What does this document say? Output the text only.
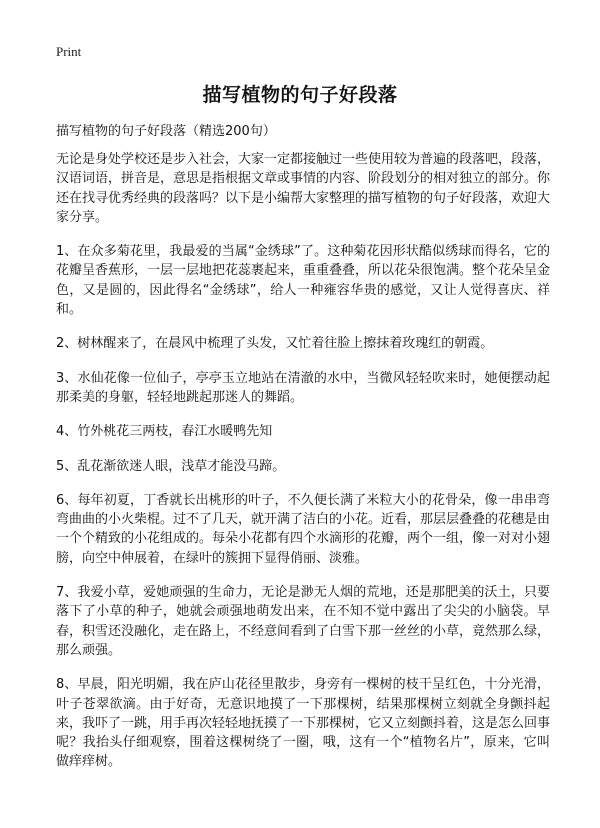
Print
描写植物的句子好段落
描写植物的句子好段落（精选200句）

无论是身处学校还是步入社会，大家一定都接触过一些使用较为普遍的段落吧，段落，汉语词语，拼音是，意思是指根据文章或事情的内容、阶段划分的相对独立的部分。你还在找寻优秀经典的段落吗？以下是小编帮大家整理的描写植物的句子好段落，欢迎大家分享。

1、在众多菊花里，我最爱的当属“金绣球”了。这种菊花因形状酷似绣球而得名，它的花瓣呈香蕉形，一层一层地把花蕊裹起来，重重叠叠，所以花朵很饱满。整个花朵呈金色，又是圆的，因此得名“金绣球”，给人一种雍容华贵的感觉，又让人觉得喜庆、祥和。

2、树林醒来了，在晨风中梳理了头发，又忙着往脸上擦抹着玫瑰红的朝霞。

3、水仙花像一位仙子，亭亭玉立地站在清澈的水中，当微风轻轻吹来时，她便摆动起那柔美的身躯，轻轻地跳起那迷人的舞蹈。

4、竹外桃花三两枝，春江水暖鸭先知

5、乱花渐欲迷人眼，浅草才能没马蹄。

6、每年初夏，丁香就长出桃形的叶子，不久便长满了米粒大小的花骨朵，像一串串弯弯曲曲的小火柴棍。过不了几天，就开满了洁白的小花。近看，那层层叠叠的花穗是由一个个精致的小花组成的。每朵小花都有四个水滴形的花瓣，两个一组，像一对对小翅膀，向空中伸展着，在绿叶的簇拥下显得俏丽、淡雅。

7、我爱小草，爱她顽强的生命力，无论是渺无人烟的荒地，还是那肥美的沃土，只要落下了小草的种子，她就会顽强地萌发出来，在不知不觉中露出了尖尖的小脑袋。早春，积雪还没融化，走在路上，不经意间看到了白雪下那一丝丝的小草，竟然那么绿，那么顽强。

8、早晨，阳光明媚，我在庐山花径里散步，身旁有一棵树的枝干呈红色，十分光滑，叶子苍翠欲滴。由于好奇，无意识地摸了一下那棵树，结果那棵树立刻就全身颤抖起来，我吓了一跳，用手再次轻轻地抚摸了一下那棵树，它又立刻颤抖着，这是怎么回事呢？我抬头仔细观察，围着这棵树绕了一圈，哦，这有一个“植物名片”，原来，它叫做痒痒树。
